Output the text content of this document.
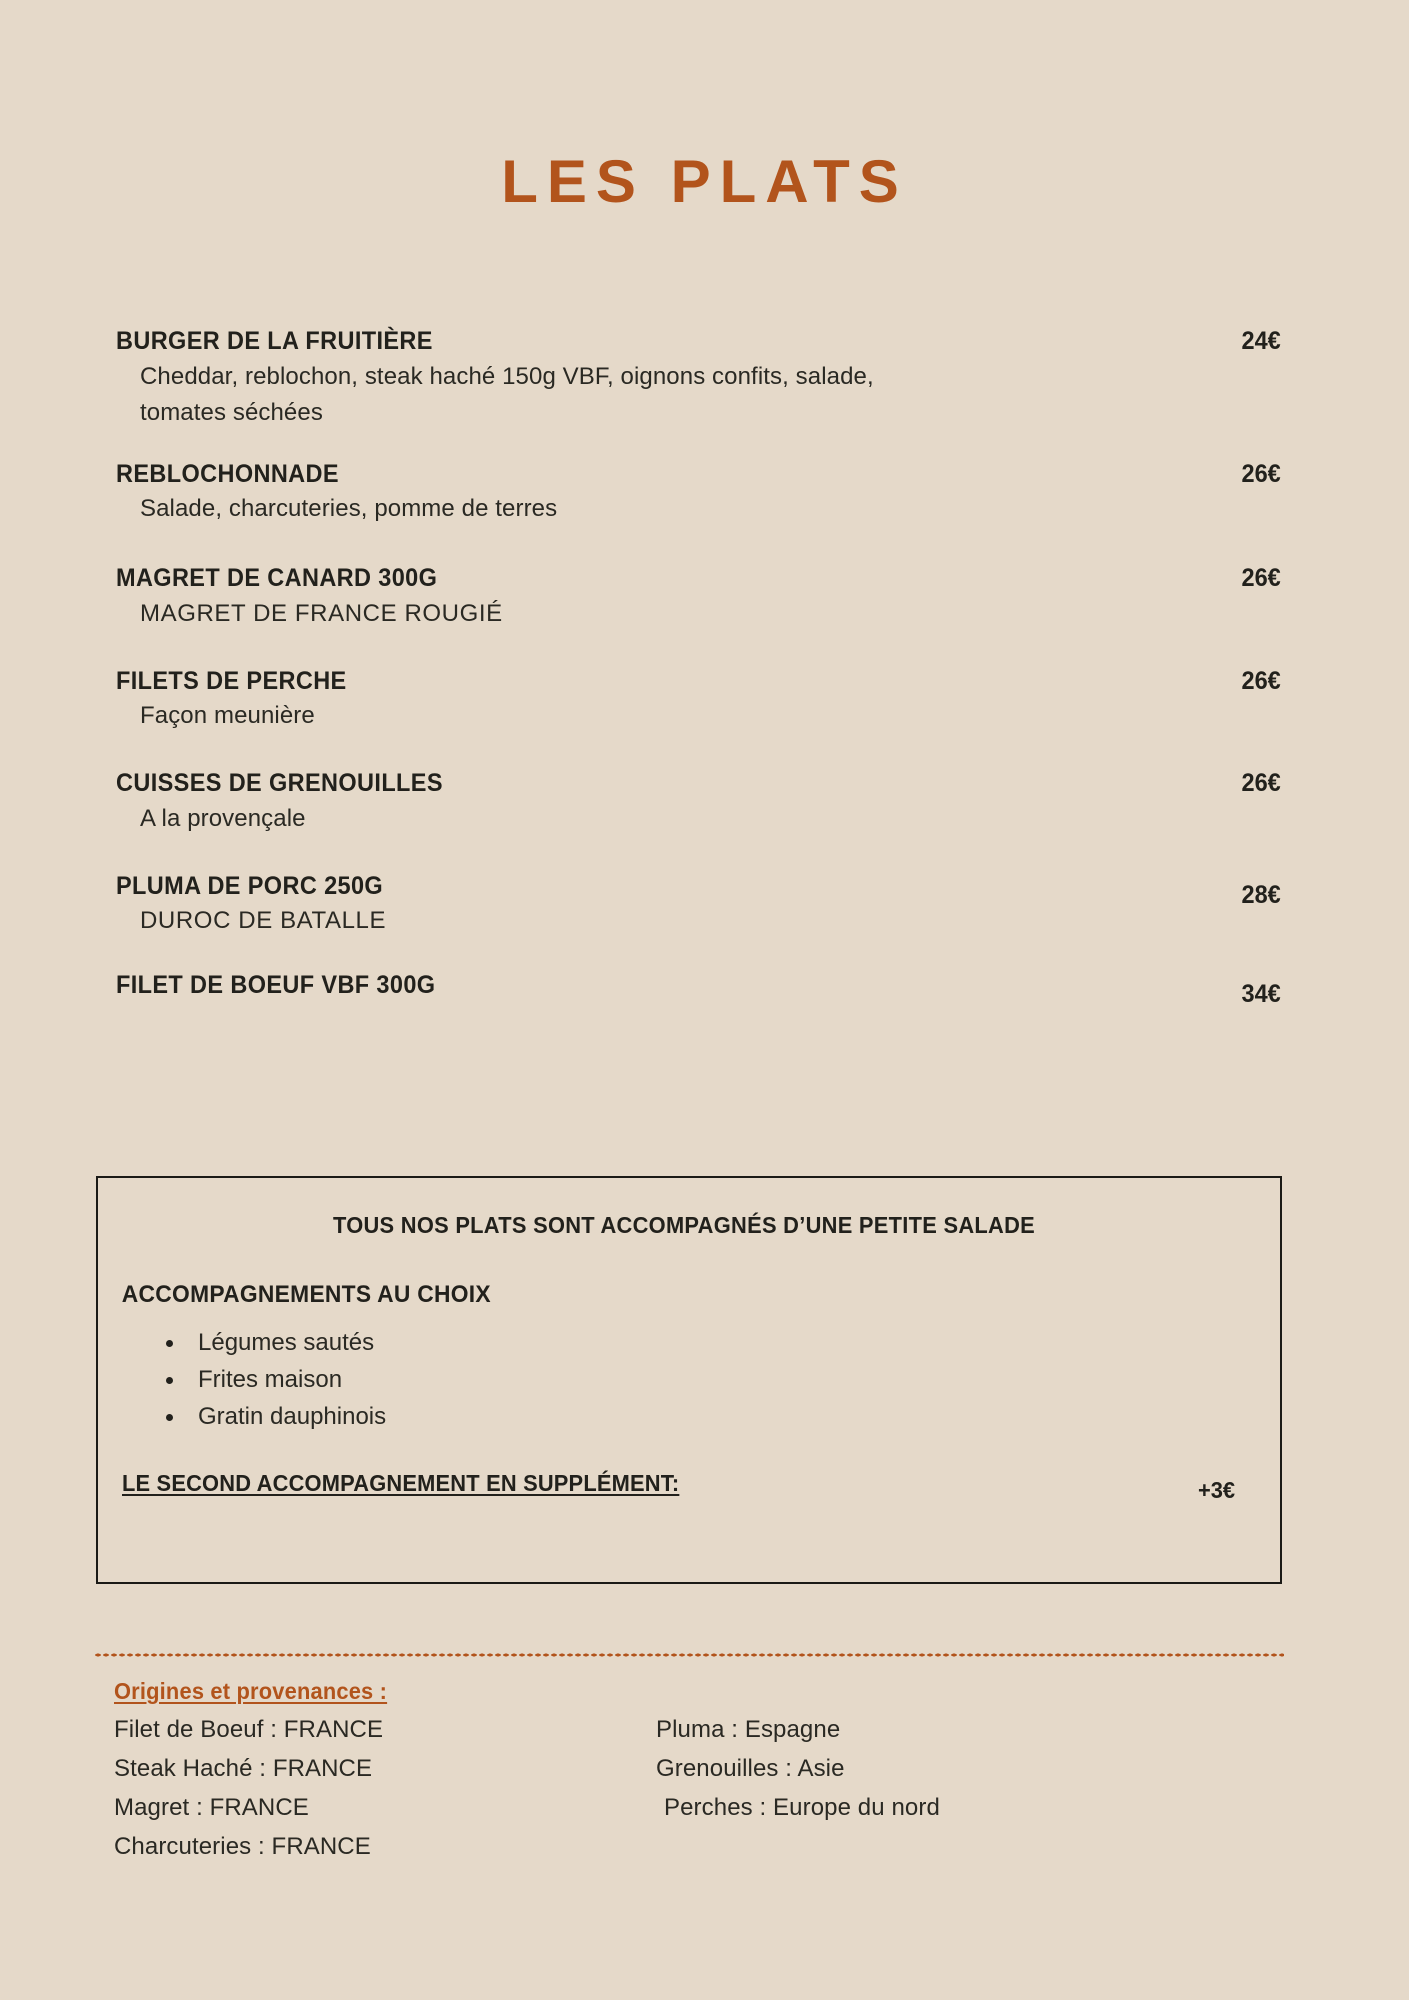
LES PLATS
BURGER DE LA FRUITIÈRE	24€
Cheddar, reblochon, steak haché 150g VBF, oignons confits, salade, tomates séchées
REBLOCHONNADE	26€
Salade, charcuteries, pomme de terres
MAGRET DE CANARD 300G	26€
MAGRET DE FRANCE ROUGIÉ
FILETS DE PERCHE	26€
Façon meunière
CUISSES DE GRENOUILLES	26€
A la provençale
PLUMA DE PORC 250G	28€
DUROC DE BATALLE
FILET DE BOEUF VBF 300G	34€
TOUS NOS PLATS SONT ACCOMPAGNÉS D’UNE PETITE SALADE
ACCOMPAGNEMENTS AU CHOIX
Légumes sautés
Frites maison
Gratin dauphinois
LE SECOND ACCOMPAGNEMENT EN SUPPLÉMENT:	+3€
Origines et provenances :
Filet de Boeuf : FRANCE
Steak Haché : FRANCE
Magret : FRANCE
Charcuteries : FRANCE
Pluma : Espagne
Grenouilles : Asie
Perches : Europe du nord
